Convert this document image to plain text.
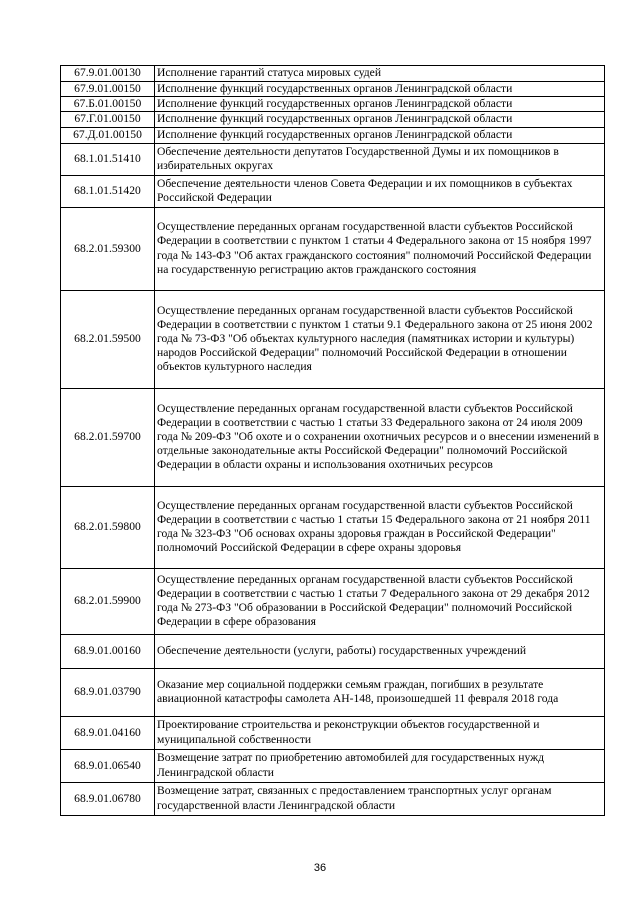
67.9.01.00130	Исполнение гарантий статуса мировых судей
67.9.01.00150	Исполнение функций государственных органов Ленинградской области
67.Б.01.00150	Исполнение функций государственных органов Ленинградской области
67.Г.01.00150	Исполнение функций государственных органов Ленинградской области
67.Д.01.00150	Исполнение функций государственных органов Ленинградской области
68.1.01.51410	Обеспечение деятельности депутатов Государственной Думы и их помощников в избирательных округах
68.1.01.51420	Обеспечение деятельности членов Совета Федерации и их помощников в субъектах Российской Федерации
68.2.01.59300	Осуществление переданных органам государственной власти субъектов Российской Федерации в соответствии с пунктом 1 статьи 4 Федерального закона от 15 ноября 1997 года № 143-ФЗ "Об актах гражданского состояния" полномочий Российской Федерации на государственную регистрацию актов гражданского состояния
68.2.01.59500	Осуществление переданных органам государственной власти субъектов Российской Федерации в соответствии с пунктом 1 статьи 9.1 Федерального закона от 25 июня 2002 года № 73-ФЗ "Об объектах культурного наследия (памятниках истории и культуры) народов Российской Федерации" полномочий Российской Федерации в отношении объектов культурного наследия
68.2.01.59700	Осуществление переданных органам государственной власти субъектов Российской Федерации в соответствии с частью 1 статьи 33 Федерального закона от 24 июля 2009 года № 209-ФЗ "Об охоте и о сохранении охотничьих ресурсов и о внесении изменений в отдельные законодательные акты Российской Федерации" полномочий Российской Федерации в области охраны и использования охотничьих ресурсов
68.2.01.59800	Осуществление переданных органам государственной власти субъектов Российской Федерации в соответствии с частью 1 статьи 15 Федерального закона от 21 ноября 2011 года № 323-ФЗ "Об основах охраны здоровья граждан в Российской Федерации" полномочий Российской Федерации в сфере охраны здоровья
68.2.01.59900	Осуществление переданных органам государственной власти субъектов Российской Федерации в соответствии с частью 1 статьи 7 Федерального закона от 29 декабря 2012 года № 273-ФЗ "Об образовании в Российской Федерации" полномочий Российской Федерации в сфере образования
68.9.01.00160	Обеспечение деятельности (услуги, работы) государственных учреждений
68.9.01.03790	Оказание мер социальной поддержки семьям граждан, погибших в результате авиационной катастрофы самолета АН-148, произошедшей 11 февраля 2018 года
68.9.01.04160	Проектирование строительства и реконструкции объектов государственной и муниципальной собственности
68.9.01.06540	Возмещение затрат по приобретению автомобилей для государственных нужд Ленинградской области
68.9.01.06780	Возмещение затрат, связанных с предоставлением транспортных услуг органам государственной власти Ленинградской области
36
